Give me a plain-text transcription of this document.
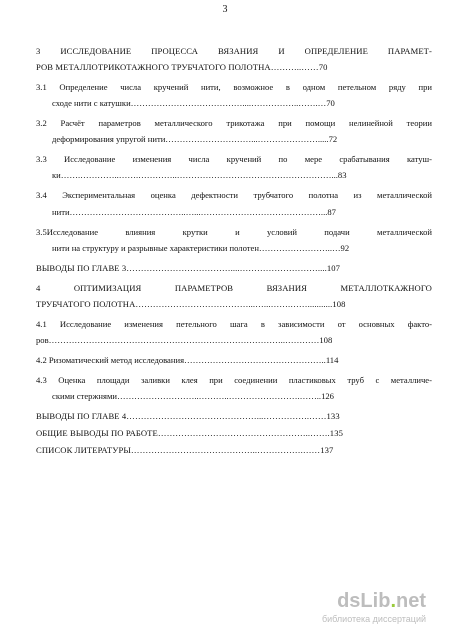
3
3 ИССЛЕДОВАНИЕ ПРОЦЕССА ВЯЗАНИЯ И ОПРЕДЕЛЕНИЕ ПАРАМЕТ-
РОВ МЕТАЛЛОТРИКОТАЖНОГО ТРУБЧАТОГО ПОЛОТНА………..……70
3.1 Определение числа кручений нити, возможное в одном петельном ряду при
сходе нити с катушки…………………………………....……………..…….…70
3.2 Расчёт параметров металлического трикотажа при помощи нелинейной теории
деформирования упругой нити…………………………...………………….....72
3.3 Исследование изменения числа кручений по мере срабатывания катуш-
ки…….…………..…….…………..………………………………………………...83
3.4 Экспериментальная оценка дефектности трубчатого полотна из металлической
нити…………………………………..…...……………………………………...87
3.5Исследование влияния крутки и условий подачи металлической
нити на структуру и разрывные характеристики полотен……………………..…92
ВЫВОДЫ ПО ГЛАВЕ 3………………………………....………………………....107
4 ОПТИМИЗАЦИЯ ПАРАМЕТРОВ ВЯЗАНИЯ МЕТАЛЛОТКАЖНОГО
ТРУБЧАТОГО ПОЛОТНА…………………………………...…...…….……...........108
4.1 Исследование изменения петельного шага в зависимости от основных факто-
ров………………………………………………………………………..…………108
4.2 Ризоматический метод исследования…………………………………………..114
4.3 Оценка площади заливки клея при соединении пластиковых труб с металличе-
скими стержнями………………………..………..…………………….……..126
ВЫВОДЫ ПО ГЛАВЕ 4………………………………………...…………….……133
ОБЩИЕ ВЫВОДЫ ПО РАБОТЕ……………………………………………..…….135
СПИСОК ЛИТЕРАТУРЫ……………………………………..…………….……137
dsLib.net
библиотека диссертаций
